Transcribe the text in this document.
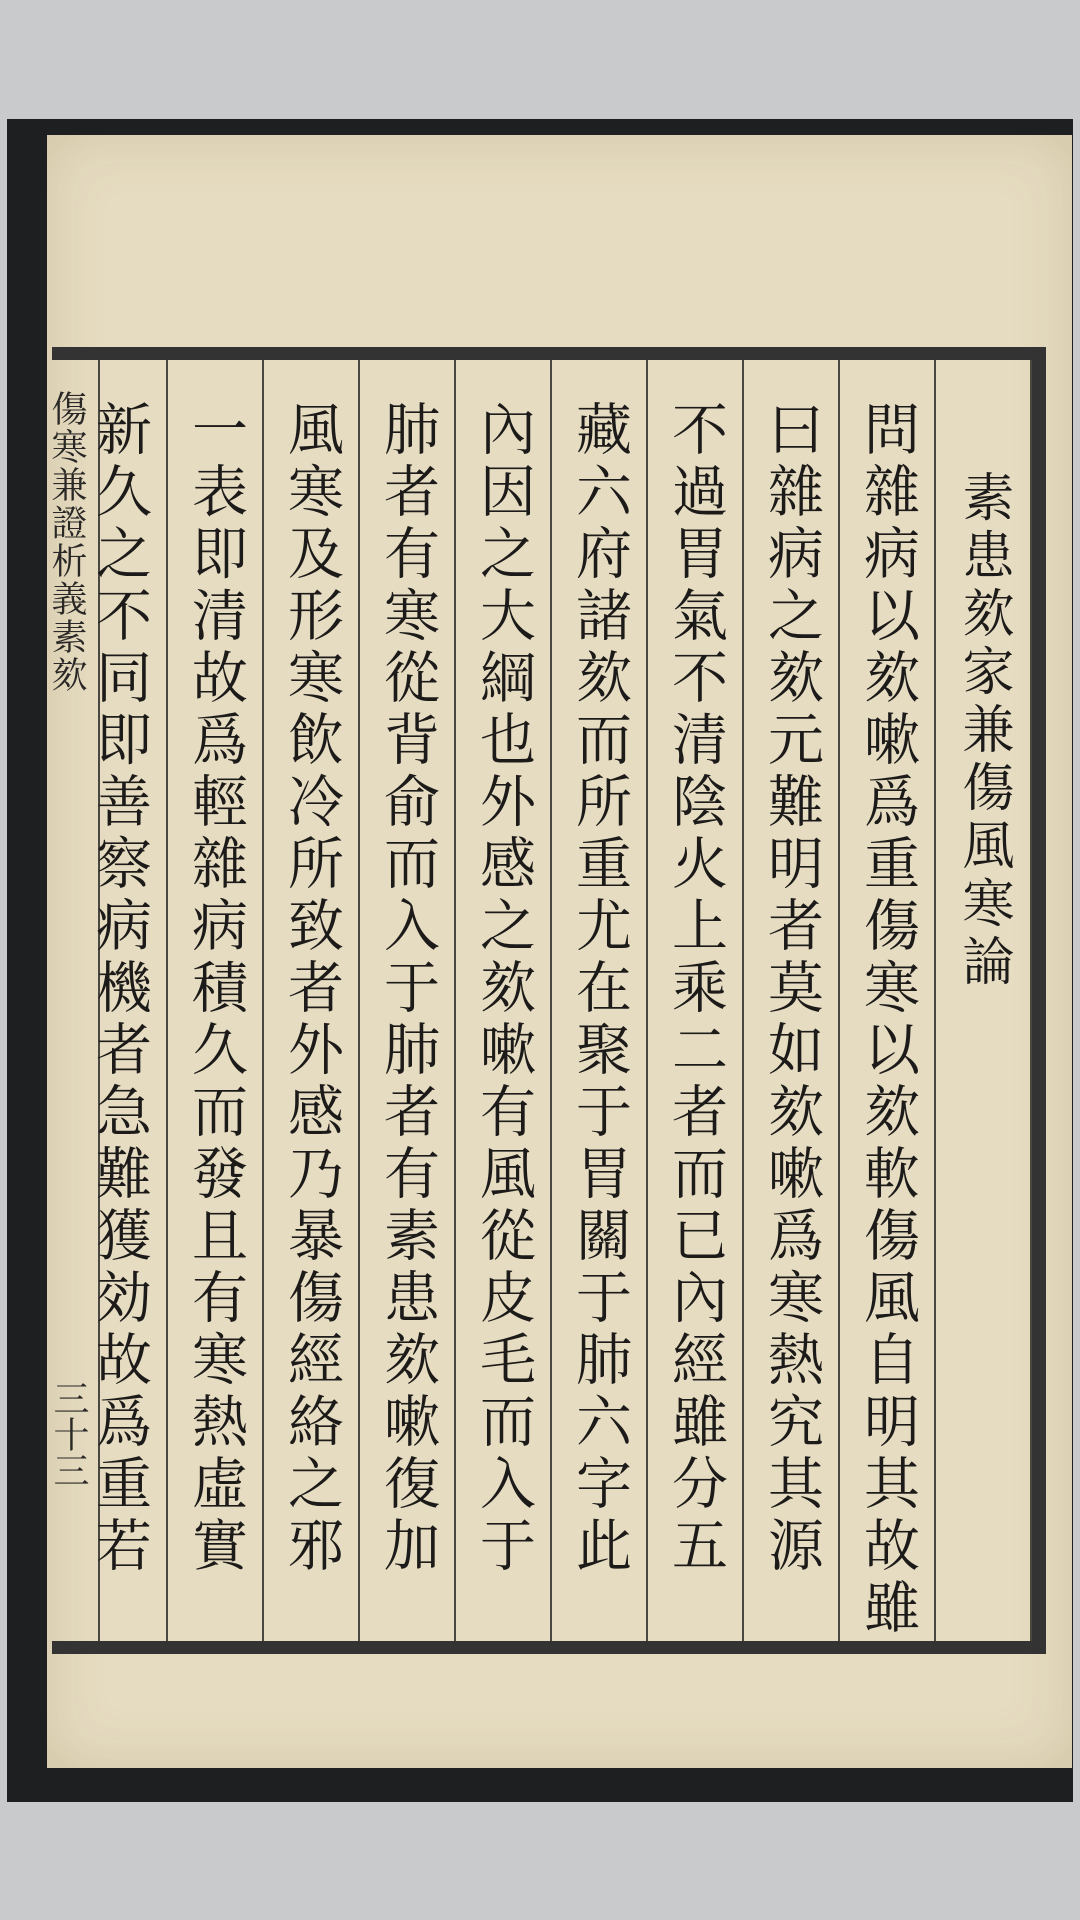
傷寒兼證析義素欬
三十三
素患欬家兼傷風寒論
問雜病以欬嗽爲重傷寒以欬軟傷風自明其故雖
曰雜病之欬元難明者莫如欬嗽爲寒熱究其源
不過胃氣不清陰火上乘二者而已內經雖分五
藏六府諸欬而所重尤在聚于胃關于肺六字此
內因之大綱也外感之欬嗽有風從皮毛而入于
肺者有寒從背俞而入于肺者有素患欬嗽復加
風寒及形寒飲冷所致者外感乃暴傷經絡之邪
一表即清故爲輕雜病積久而發且有寒熱虛實
新久之不同即善察病機者急難獲効故爲重若
